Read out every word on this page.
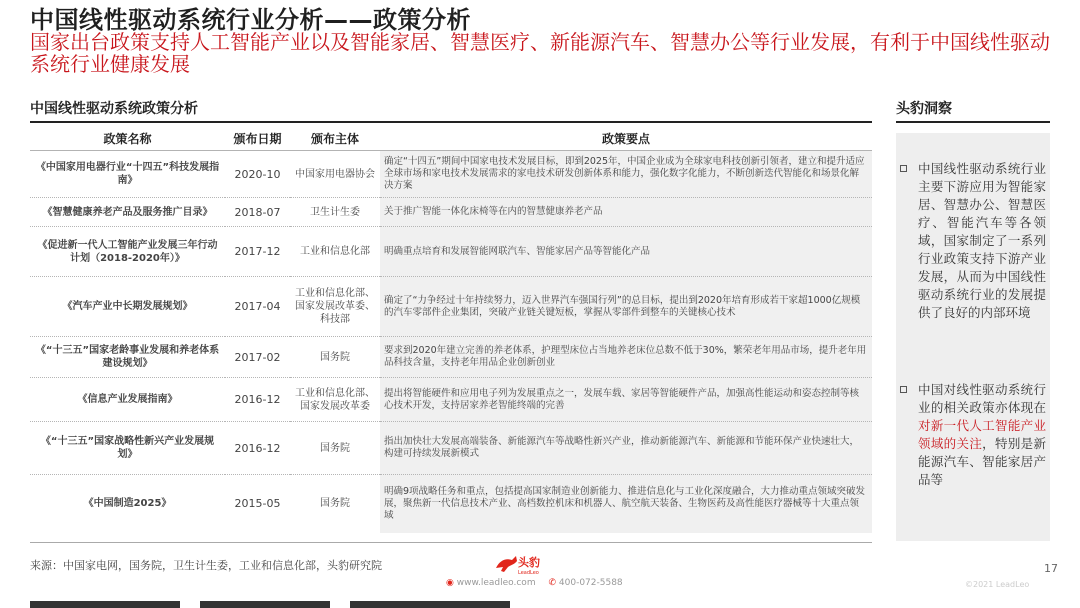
中国线性驱动系统行业分析——政策分析
国家出台政策支持人工智能产业以及智能家居、智慧医疗、新能源汽车、智慧办公等行业发展，有利于中国线性驱动系统行业健康发展
中国线性驱动系统政策分析	头豹洞察
政策名称	颁布日期	颁布主体	政策要点
《中国家用电器行业“十四五”科技发展指南》	2020-10	中国家用电器协会	确定“十四五”期间中国家电技术发展目标，即到2025年，中国企业成为全球家电科技创新引领者，建立和提升适应全球市场和家电技术发展需求的家电技术研发创新体系和能力，强化数字化能力，不断创新迭代智能化和场景化解决方案
《智慧健康养老产品及服务推广目录》	2018-07	卫生计生委	关于推广智能一体化床椅等在内的智慧健康养老产品
《促进新一代人工智能产业发展三年行动计划（2018-2020年）》	2017-12	工业和信息化部	明确重点培育和发展智能网联汽车、智能家居产品等智能化产品
《汽车产业中长期发展规划》	2017-04	工业和信息化部、国家发展改革委、科技部	确定了“力争经过十年持续努力，迈入世界汽车强国行列”的总目标，提出到2020年培育形成若干家超1000亿规模的汽车零部件企业集团，突破产业链关键短板，掌握从零部件到整车的关键核心技术
《“十三五”国家老龄事业发展和养老体系建设规划》	2017-02	国务院	要求到2020年建立完善的养老体系，护理型床位占当地养老床位总数不低于30%，繁荣老年用品市场，提升老年用品科技含量，支持老年用品企业创新创业
《信息产业发展指南》	2016-12	工业和信息化部、国家发展改革委	提出将智能硬件和应用电子列为发展重点之一，发展车载、家居等智能硬件产品，加强高性能运动和姿态控制等核心技术开发，支持居家养老智能终端的完善
《“十三五”国家战略性新兴产业发展规划》	2016-12	国务院	指出加快壮大发展高端装备、新能源汽车等战略性新兴产业，推动新能源汽车、新能源和节能环保产业快速壮大，构建可持续发展新模式
《中国制造2025》	2015-05	国务院	明确9项战略任务和重点，包括提高国家制造业创新能力、推进信息化与工业化深度融合，大力推动重点领域突破发展，聚焦新一代信息技术产业、高档数控机床和机器人、航空航天装备、生物医药及高性能医疗器械等十大重点领域
中国线性驱动系统行业主要下游应用为智能家居、智慧办公、智慧医疗、智能汽车等各领域，国家制定了一系列行业政策支持下游产业发展，从而为中国线性驱动系统行业的发展提供了良好的内部环境
中国对线性驱动系统行业的相关政策亦体现在对新一代人工智能产业领域的关注，特别是新能源汽车、智能家居产品等
来源：中国家电网，国务院，卫生计生委，工业和信息化部，头豹研究院	头豹
LeadLeo
◉ www.leadleo.com ✆ 400-072-5588
17
©2021 LeadLeo
